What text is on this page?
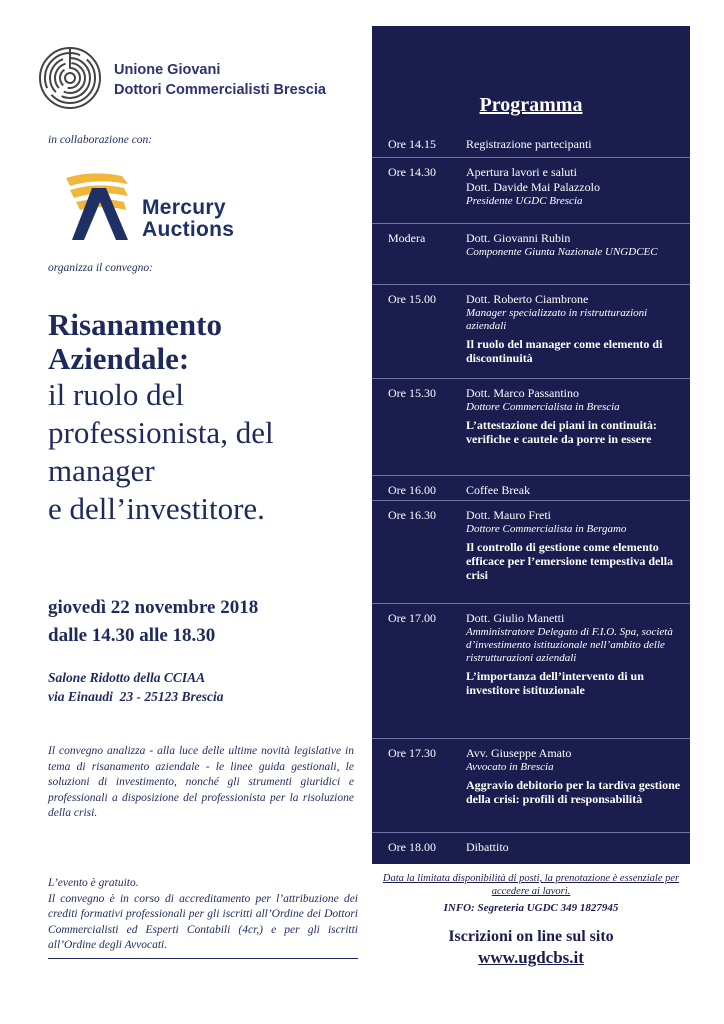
Unione Giovani
Dottori Commercialisti Brescia
in collaborazione con:
Mercury
Auctions
organizza il convegno:
Risanamento
Aziendale:
il ruolo del
professionista, del
manager
e dell’investitore.
giovedì 22 novembre 2018
dalle 14.30 alle 18.30
Salone Ridotto della CCIAA
via Einaudi  23 - 25123 Brescia
Il convegno analizza - alla luce delle ultime novità legislative in tema di risanamento aziendale - le linee guida gestionali, le soluzioni di investimento, nonché gli strumenti giuridici e professionali a disposizione del professionista per la risoluzione della crisi.
L’evento è gratuito.
Il convegno è in corso di accreditamento per l’attribuzione dei crediti formativi professionali per gli iscritti all’Ordine dei Dottori Commercialisti ed Esperti Contabili (4cr,) e per gli iscritti all’Ordine degli Avvocati.
Programma
Ore 14.15	Registrazione partecipanti
Ore 14.30	Apertura lavori e saluti
Dott. Davide Mai Palazzolo
Presidente UGDC Brescia
Modera	Dott. Giovanni Rubin
Componente Giunta Nazionale UNGDCEC
Ore 15.00	Dott. Roberto Ciambrone
Manager specializzato in ristrutturazioni aziendali
Il ruolo del manager come elemento di discontinuità
Ore 15.30	Dott. Marco Passantino
Dottore Commercialista in Brescia
L’attestazione dei piani in continuità: verifiche e cautele da porre in essere
Ore 16.00	Coffee Break
Ore 16.30	Dott. Mauro Freti
Dottore Commercialista in Bergamo
Il controllo di gestione come elemento efficace per l’emersione tempestiva della crisi
Ore 17.00	Dott. Giulio Manetti
Amministratore Delegato di F.I.O. Spa, società d’investimento istituzionale nell’ambito delle ristrutturazioni aziendali
L’importanza dell’intervento di un investitore istituzionale
Ore 17.30	Avv. Giuseppe Amato
Avvocato in Brescia
Aggravio debitorio per la tardiva gestione della crisi: profili di responsabilità
Ore 18.00	Dibattito
Data la limitata disponibilità di posti, la prenotazione è essenziale per accedere ai lavori.
INFO: Segreteria UGDC 349 1827945
Iscrizioni on line sul sito
www.ugdcbs.it
